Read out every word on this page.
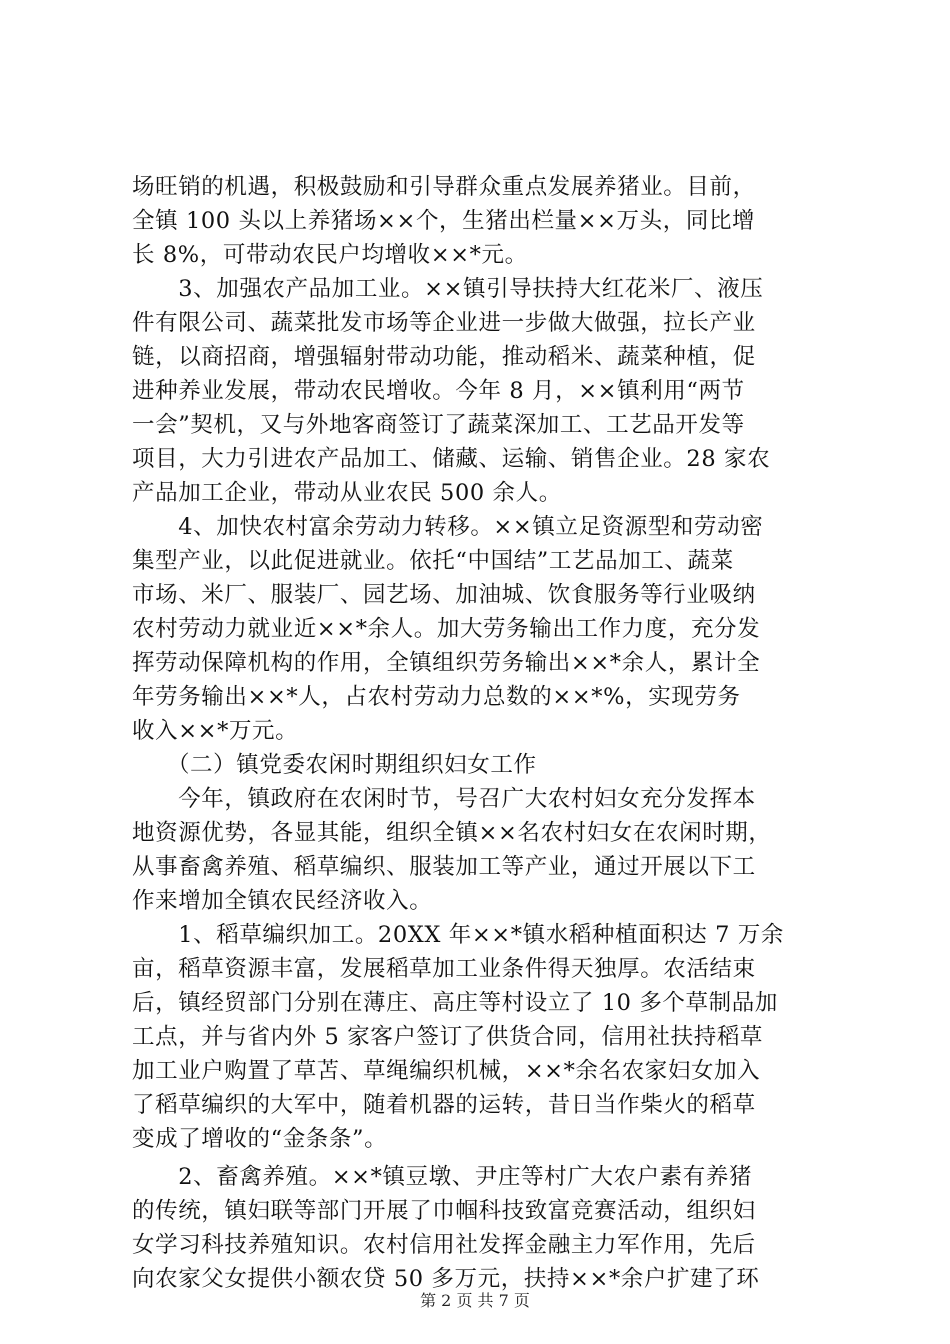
场旺销的机遇，积极鼓励和引导群众重点发展养猪业。目前，
全镇 100 头以上养猪场××个，生猪出栏量××万头，同比增
长 8%，可带动农民户均增收××*元。
　　3、加强农产品加工业。××镇引导扶持大红花米厂、液压
件有限公司、蔬菜批发市场等企业进一步做大做强，拉长产业
链，以商招商，增强辐射带动功能，推动稻米、蔬菜种植，促
进种养业发展，带动农民增收。今年 8 月，××镇利用“两节
一会”契机，又与外地客商签订了蔬菜深加工、工艺品开发等
项目，大力引进农产品加工、储藏、运输、销售企业。28 家农
产品加工企业，带动从业农民 500 余人。
　　4、加快农村富余劳动力转移。××镇立足资源型和劳动密
集型产业，以此促进就业。依托“中国结”工艺品加工、蔬菜
市场、米厂、服装厂、园艺场、加油城、饮食服务等行业吸纳
农村劳动力就业近××*余人。加大劳务输出工作力度，充分发
挥劳动保障机构的作用，全镇组织劳务输出××*余人，累计全
年劳务输出××*人，占农村劳动力总数的××*%，实现劳务
收入××*万元。
　　（二）镇党委农闲时期组织妇女工作
　　今年，镇政府在农闲时节，号召广大农村妇女充分发挥本
地资源优势，各显其能，组织全镇××名农村妇女在农闲时期，
从事畜禽养殖、稻草编织、服装加工等产业，通过开展以下工
作来增加全镇农民经济收入。
　　1、稻草编织加工。20XX 年××*镇水稻种植面积达 7 万余
亩，稻草资源丰富，发展稻草加工业条件得天独厚。农活结束
后，镇经贸部门分别在薄庄、高庄等村设立了 10 多个草制品加
工点，并与省内外 5 家客户签订了供货合同，信用社扶持稻草
加工业户购置了草苫、草绳编织机械，××*余名农家妇女加入
了稻草编织的大军中，随着机器的运转，昔日当作柴火的稻草
变成了增收的“金条条”。
　　2、畜禽养殖。××*镇豆墩、尹庄等村广大农户素有养猪
的传统，镇妇联等部门开展了巾帼科技致富竞赛活动，组织妇
女学习科技养殖知识。农村信用社发挥金融主力军作用，先后
向农家父女提供小额农贷 50 多万元，扶持××*余户扩建了环
第 2 页 共 7 页
